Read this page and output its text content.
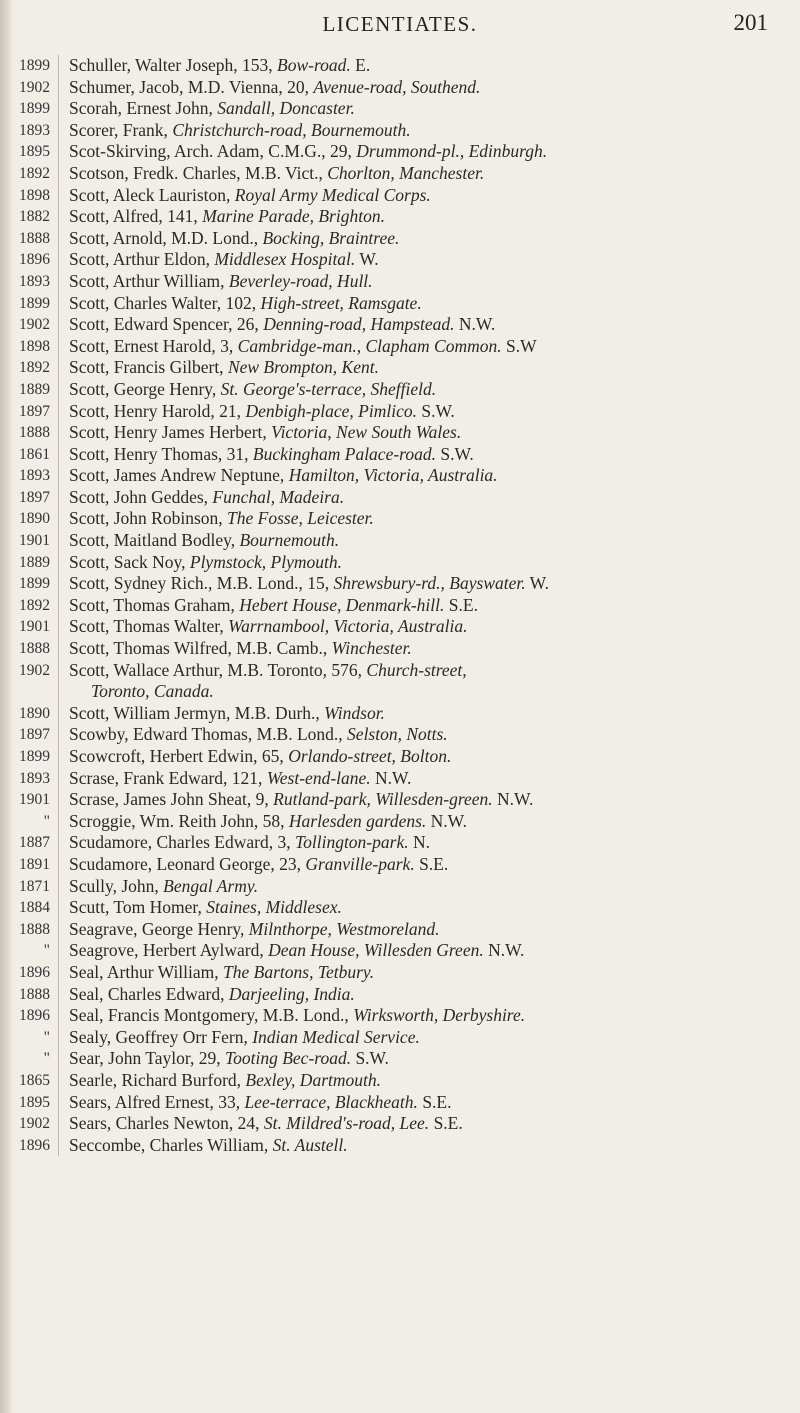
LICENTIATES.	201
1899	Schuller, Walter Joseph, 153, Bow-road. E.
1902	Schumer, Jacob, M.D. Vienna, 20, Avenue-road, Southend.
1899	Scorah, Ernest John, Sandall, Doncaster.
1893	Scorer, Frank, Christchurch-road, Bournemouth.
1895	Scot-Skirving, Arch. Adam, C.M.G., 29, Drummond-pl., Edinburgh.
1892	Scotson, Fredk. Charles, M.B. Vict., Chorlton, Manchester.
1898	Scott, Aleck Lauriston, Royal Army Medical Corps.
1882	Scott, Alfred, 141, Marine Parade, Brighton.
1888	Scott, Arnold, M.D. Lond., Bocking, Braintree.
1896	Scott, Arthur Eldon, Middlesex Hospital. W.
1893	Scott, Arthur William, Beverley-road, Hull.
1899	Scott, Charles Walter, 102, High-street, Ramsgate.
1902	Scott, Edward Spencer, 26, Denning-road, Hampstead. N.W.
1898	Scott, Ernest Harold, 3, Cambridge-man., Clapham Common. S.W
1892	Scott, Francis Gilbert, New Brompton, Kent.
1889	Scott, George Henry, St. George's-terrace, Sheffield.
1897	Scott, Henry Harold, 21, Denbigh-place, Pimlico. S.W.
1888	Scott, Henry James Herbert, Victoria, New South Wales.
1861	Scott, Henry Thomas, 31, Buckingham Palace-road. S.W.
1893	Scott, James Andrew Neptune, Hamilton, Victoria, Australia.
1897	Scott, John Geddes, Funchal, Madeira.
1890	Scott, John Robinson, The Fosse, Leicester.
1901	Scott, Maitland Bodley, Bournemouth.
1889	Scott, Sack Noy, Plymstock, Plymouth.
1899	Scott, Sydney Rich., M.B. Lond., 15, Shrewsbury-rd., Bayswater. W.
1892	Scott, Thomas Graham, Hebert House, Denmark-hill. S.E.
1901	Scott, Thomas Walter, Warrnambool, Victoria, Australia.
1888	Scott, Thomas Wilfred, M.B. Camb., Winchester.
1902	Scott, Wallace Arthur, M.B. Toronto, 576, Church-street,
Toronto, Canada.
1890	Scott, William Jermyn, M.B. Durh., Windsor.
1897	Scowby, Edward Thomas, M.B. Lond., Selston, Notts.
1899	Scowcroft, Herbert Edwin, 65, Orlando-street, Bolton.
1893	Scrase, Frank Edward, 121, West-end-lane. N.W.
1901	Scrase, James John Sheat, 9, Rutland-park, Willesden-green. N.W.
"	Scroggie, Wm. Reith John, 58, Harlesden gardens. N.W.
1887	Scudamore, Charles Edward, 3, Tollington-park. N.
1891	Scudamore, Leonard George, 23, Granville-park. S.E.
1871	Scully, John, Bengal Army.
1884	Scutt, Tom Homer, Staines, Middlesex.
1888	Seagrave, George Henry, Milnthorpe, Westmoreland.
"	Seagrove, Herbert Aylward, Dean House, Willesden Green. N.W.
1896	Seal, Arthur William, The Bartons, Tetbury.
1888	Seal, Charles Edward, Darjeeling, India.
1896	Seal, Francis Montgomery, M.B. Lond., Wirksworth, Derbyshire.
"	Sealy, Geoffrey Orr Fern, Indian Medical Service.
"	Sear, John Taylor, 29, Tooting Bec-road. S.W.
1865	Searle, Richard Burford, Bexley, Dartmouth.
1895	Sears, Alfred Ernest, 33, Lee-terrace, Blackheath. S.E.
1902	Sears, Charles Newton, 24, St. Mildred's-road, Lee. S.E.
1896	Seccombe, Charles William, St. Austell.
